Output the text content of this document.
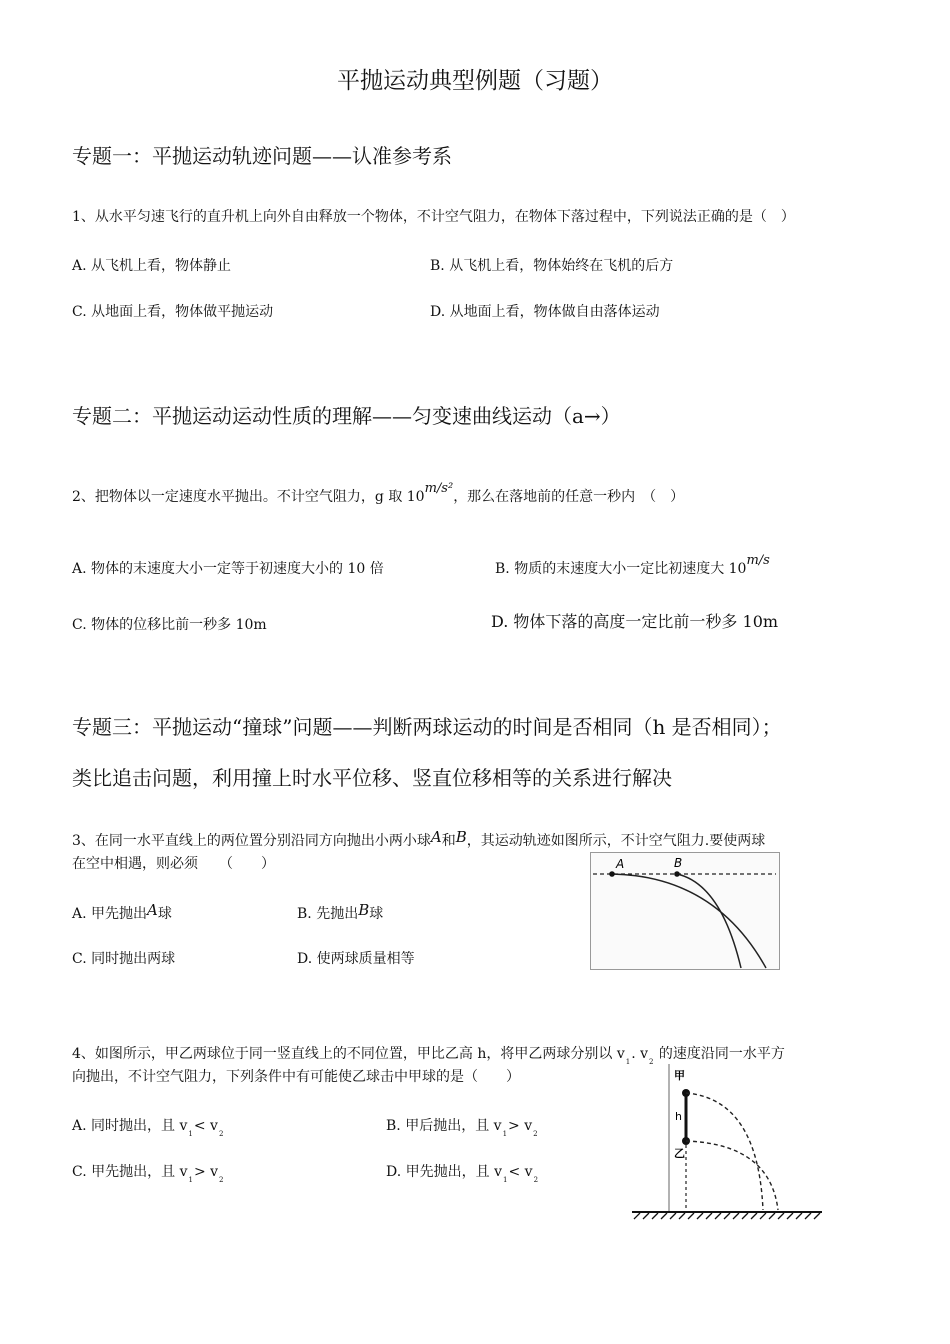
平抛运动典型例题（习题）
专题一：平抛运动轨迹问题——认准参考系
1、从水平匀速飞行的直升机上向外自由释放一个物体，不计空气阻力，在物体下落过程中，下列说法正确的是（　）
A. 从飞机上看，物体静止	B. 从飞机上看，物体始终在飞机的后方
C. 从地面上看，物体做平抛运动	D. 从地面上看，物体做自由落体运动
专题二：平抛运动运动性质的理解——匀变速曲线运动（a→）
2、把物体以一定速度水平抛出。不计空气阻力，g 取 10m/s²，那么在落地前的任意一秒内　（　）
A. 物体的末速度大小一定等于初速度大小的 10 倍	B. 物质的末速度大小一定比初速度大 10m/s
C. 物体的位移比前一秒多 10m	D. 物体下落的高度一定比前一秒多 10m
专题三：平抛运动“撞球”问题——判断两球运动的时间是否相同（h 是否相同）；
类比追击问题，利用撞上时水平位移、竖直位移相等的关系进行解决
3、在同一水平直线上的两位置分别沿同方向抛出小两小球A和B，其运动轨迹如图所示，不计空气阻力.要使两球
在空中相遇，则必须　　（　　）
A. 甲先抛出A球	B. 先抛出B球
C. 同时抛出两球	D. 使两球质量相等
A	B
4、如图所示，甲乙两球位于同一竖直线上的不同位置，甲比乙高 h，将甲乙两球分别以 $v_1$. $v_2$ 的速度沿同一水平方
向抛出，不计空气阻力，下列条件中有可能使乙球击中甲球的是（　　）
A. 同时抛出，且 $v_1< v_2$	B. 甲后抛出，且 $v_1> v_2$
C. 甲先抛出，且 $v_1> v_2$	D. 甲先抛出，且 $v_1< v_2$
甲
h
乙
